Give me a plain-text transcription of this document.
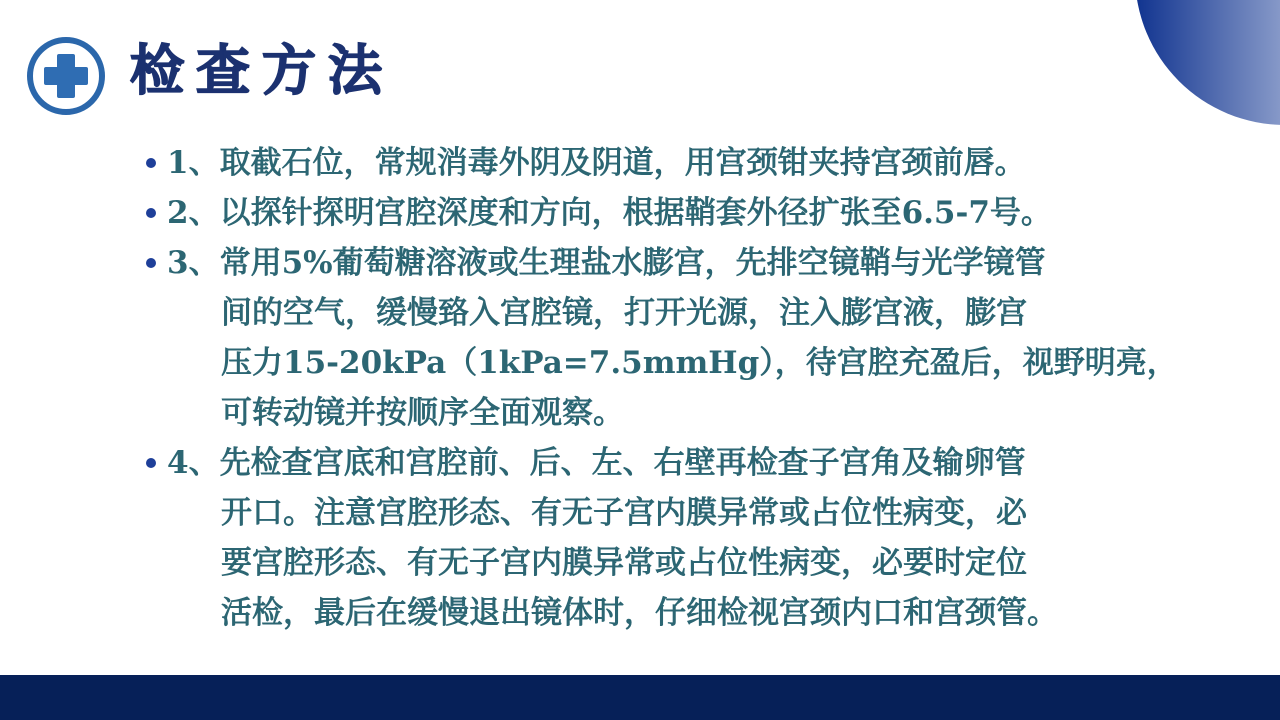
检查方法
1、取截石位，常规消毒外阴及阴道，用宫颈钳夹持宫颈前唇。
2、以探针探明宫腔深度和方向，根据鞘套外径扩张至6.5-7号。
3、常用5%葡萄糖溶液或生理盐水膨宫，先排空镜鞘与光学镜管
间的空气，缓慢臵入宫腔镜，打开光源，注入膨宫液，膨宫
压力15-20kPa（1kPa=7.5mmHg），待宫腔充盈后，视野明亮，
可转动镜并按顺序全面观察。
4、先检查宫底和宫腔前、后、左、右壁再检查子宫角及输卵管
开口。注意宫腔形态、有无子宫内膜异常或占位性病变，必
要宫腔形态、有无子宫内膜异常或占位性病变，必要时定位
活检，最后在缓慢退出镜体时，仔细检视宫颈内口和宫颈管。
